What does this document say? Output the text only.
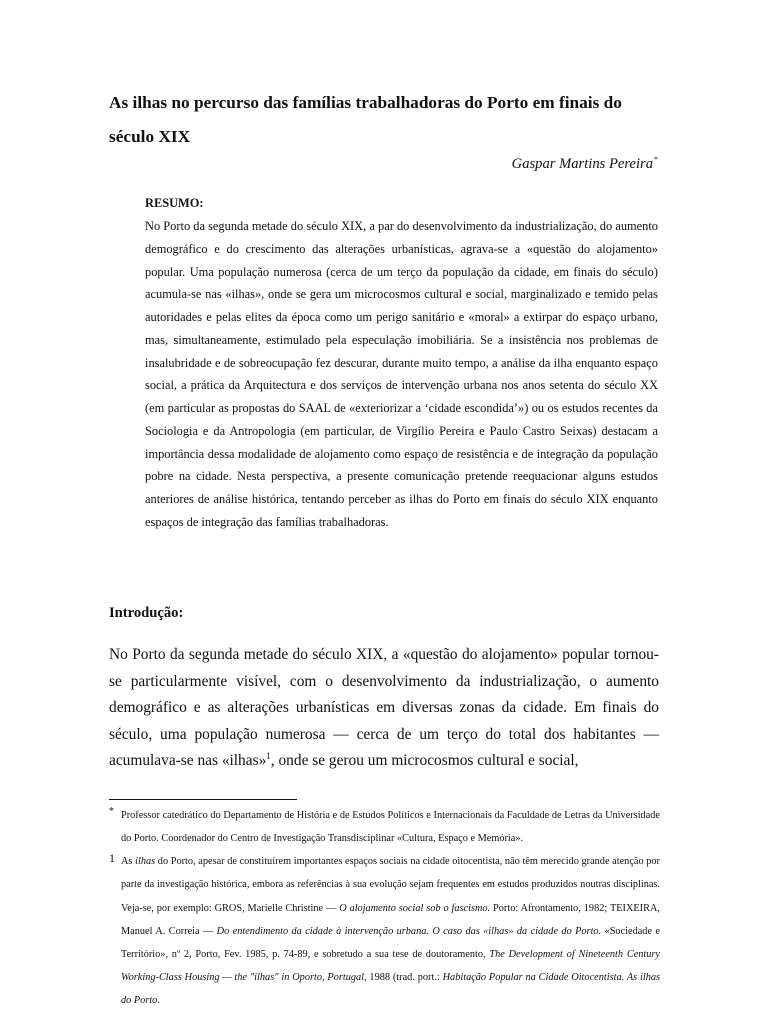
As ilhas no percurso das famílias trabalhadoras do Porto em finais do século XIX

Gaspar Martins Pereira*

RESUMO:

No Porto da segunda metade do século XIX, a par do desenvolvimento da industrialização, do aumento demográfico e do crescimento das alterações urbanísticas, agrava-se a «questão do alojamento» popular. Uma população numerosa (cerca de um terço da população da cidade, em finais do século) acumula-se nas «ilhas», onde se gera um microcosmos cultural e social, marginalizado e temido pelas autoridades e pelas elites da época como um perigo sanitário e «moral» a extirpar do espaço urbano, mas, simultaneamente, estimulado pela especulação imobiliária. Se a insistência nos problemas de insalubridade e de sobreocupação fez descurar, durante muito tempo, a análise da ilha enquanto espaço social, a prática da Arquitectura e dos serviços de intervenção urbana nos anos setenta do século XX (em particular as propostas do SAAL de «exteriorizar a ‘cidade escondida’») ou os estudos recentes da Sociologia e da Antropologia (em particular, de Virgílio Pereira e Paulo Castro Seixas) destacam a importância dessa modalidade de alojamento como espaço de resistência e de integração da população pobre na cidade. Nesta perspectiva, a presente comunicação pretende reequacionar alguns estudos anteriores de análise histórica, tentando perceber as ilhas do Porto em finais do século XIX enquanto espaços de integração das famílias trabalhadoras.

Introdução:

No Porto da segunda metade do século XIX, a «questão do alojamento» popular tornou-se particularmente visível, com o desenvolvimento da industrialização, o aumento demográfico e as alterações urbanísticas em diversas zonas da cidade. Em finais do século, uma população numerosa — cerca de um terço do total dos habitantes — acumulava-se nas «ilhas»$^1$, onde se gerou um microcosmos cultural e social,

* Professor catedrático do Departamento de História e de Estudos Políticos e Internacionais da Faculdade de Letras da Universidade do Porto. Coordenador do Centro de Investigação Transdisciplinar «Cultura, Espaço e Memória».

1 As ilhas do Porto, apesar de constituírem importantes espaços sociais na cidade oitocentista, não têm merecido grande atenção por parte da investigação histórica, embora as referências à sua evolução sejam frequentes em estudos produzidos noutras disciplinas. Veja-se, por exemplo: GROS, Marielle Christine — O alojamento social sob o fascismo. Porto: Afrontamento, 1982; TEIXEIRA, Manuel A. Correia — Do entendimento da cidade à intervenção urbana. O caso das «ilhas» da cidade do Porto. «Sociedade e Território», nº 2, Porto, Fev. 1985, p. 74-89, e sobretudo a sua tese de doutoramento, The Development of Nineteenth Century Working-Class Housing — the "ilhas" in Oporto, Portugal, 1988 (trad. port.: Habitação Popular na Cidade Oitocentista. As ilhas do Porto.
